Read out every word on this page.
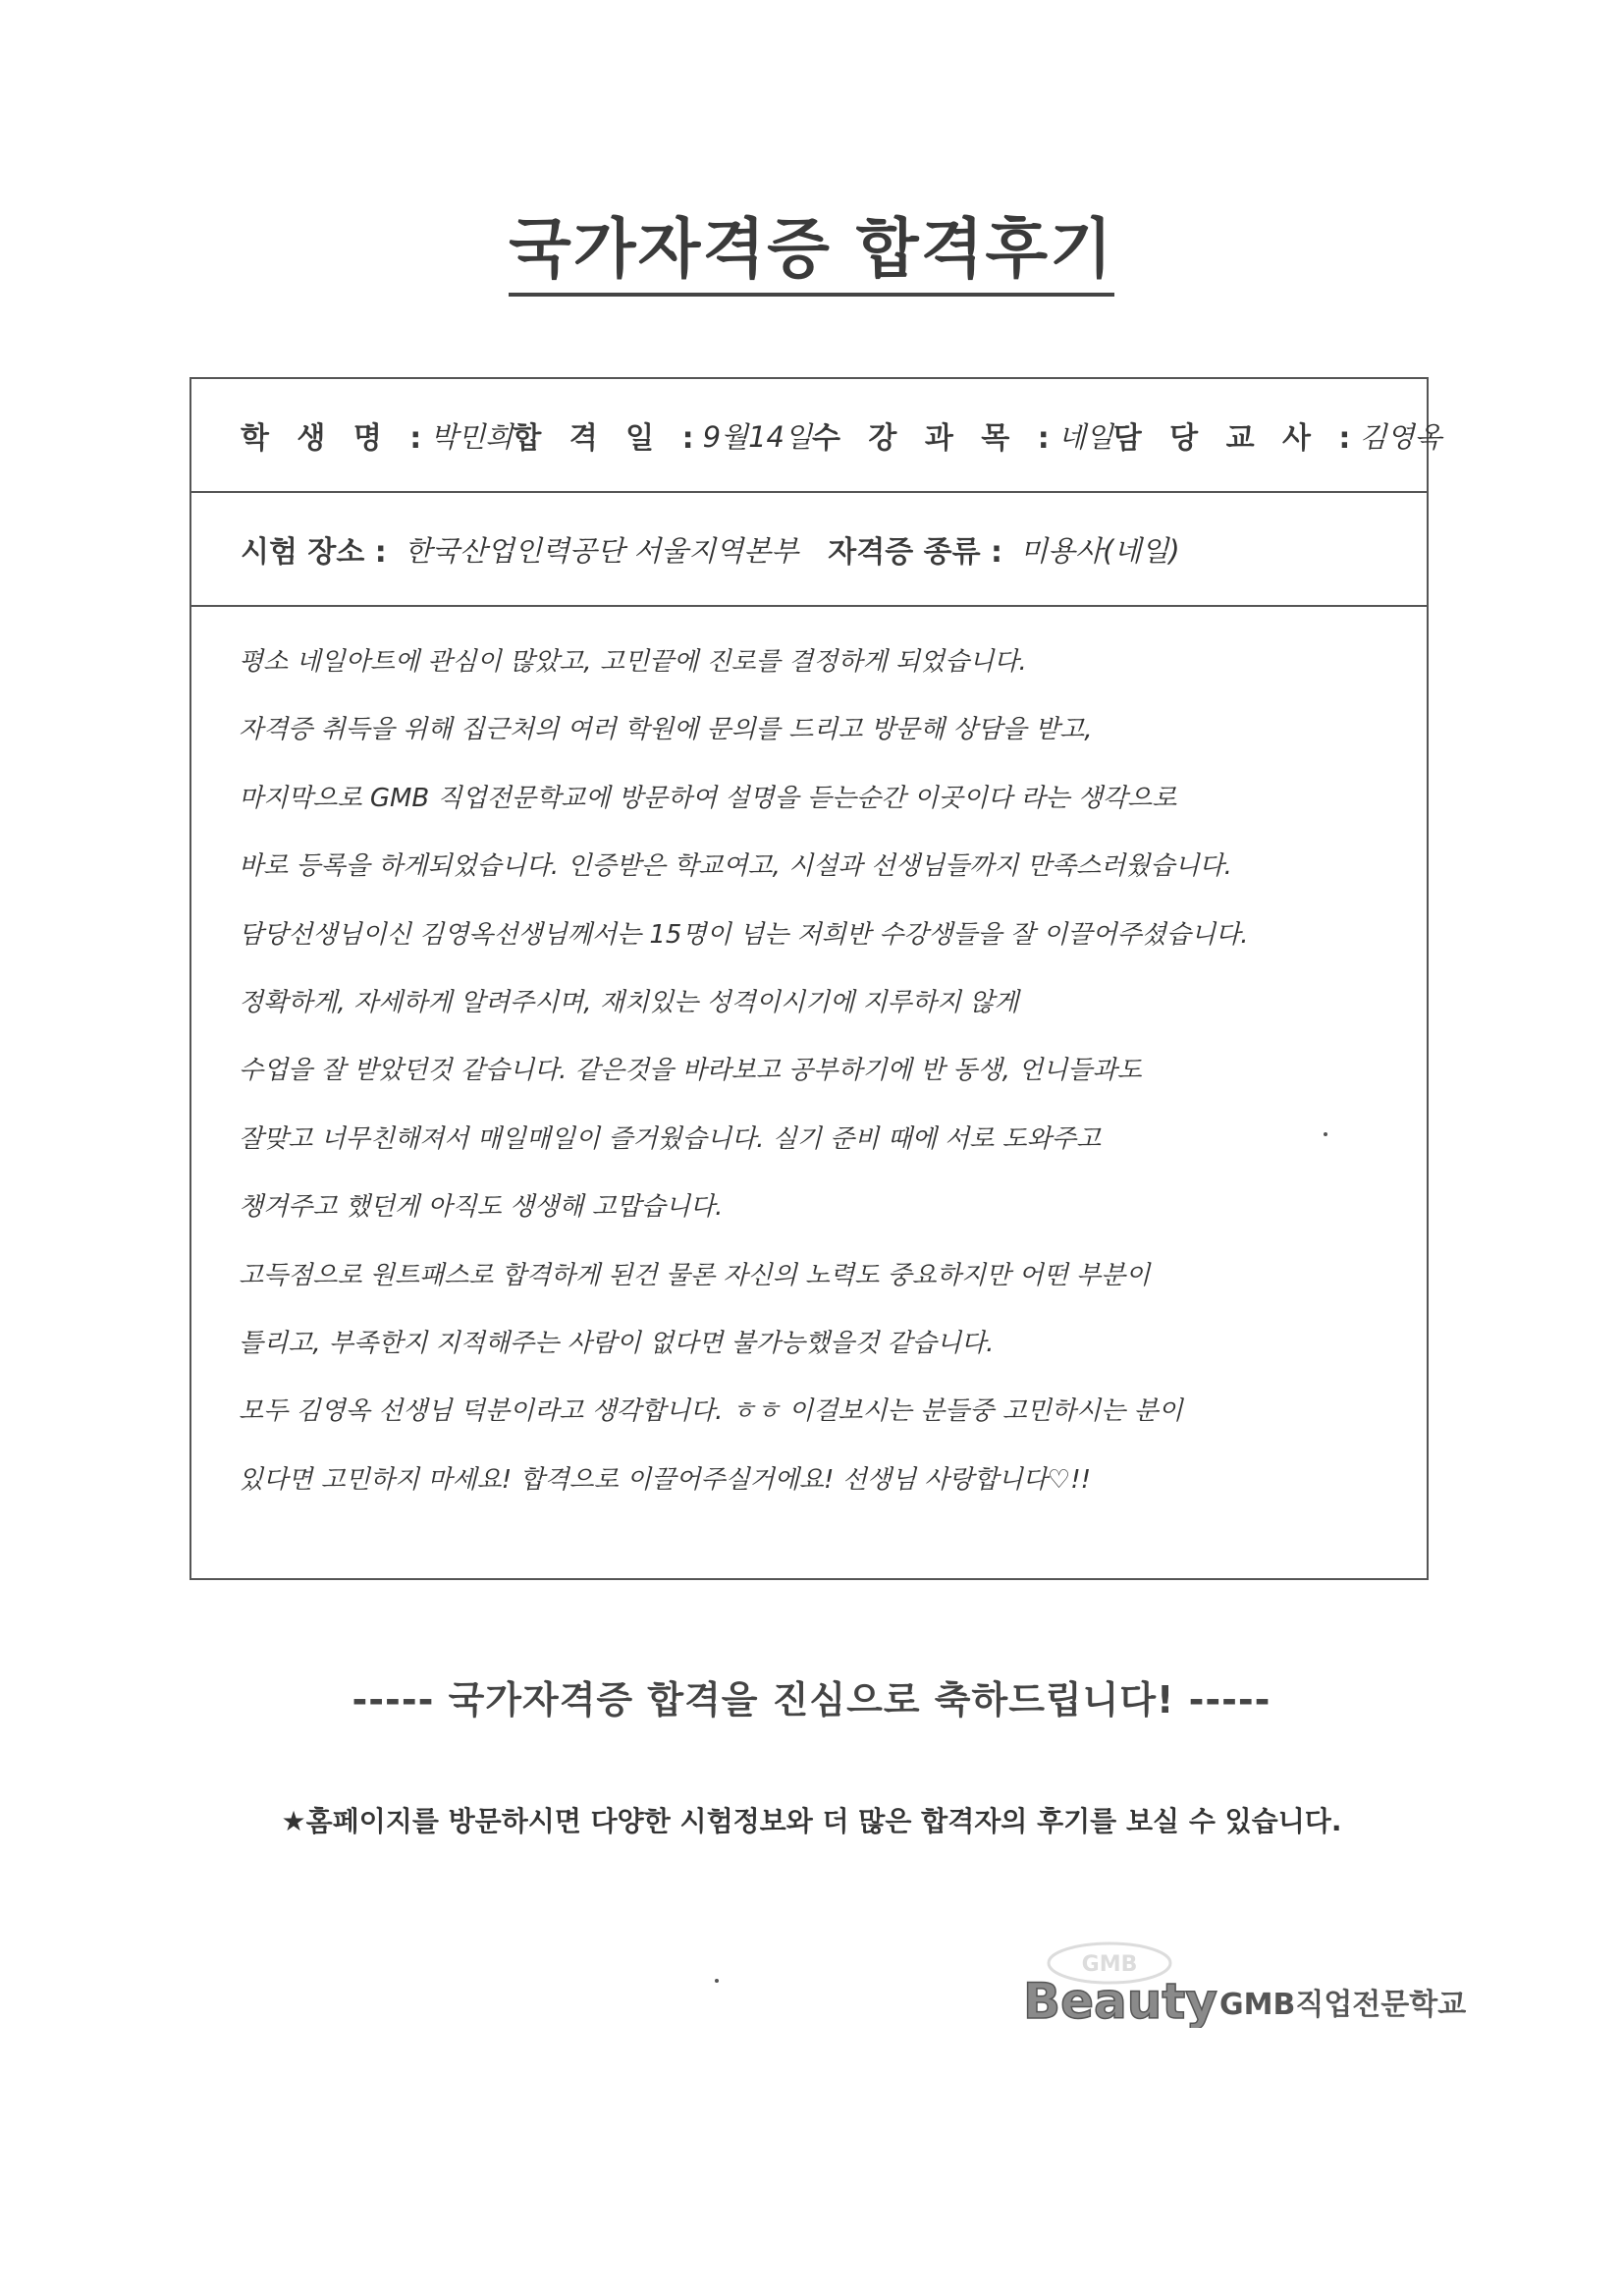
국가자격증 합격후기
학 생 명 : 박민희 합 격 일 : 9월14일 수 강 과 목 : 네일 담 당 교 사 : 김영옥
시험 장소 : 한국산업인력공단 서울지역본부 자격증 종류 : 미용사(네일)
평소 네일아트에 관심이 많았고, 고민끝에 진로를 결정하게 되었습니다.
자격증 취득을 위해 집근처의 여러 학원에 문의를 드리고 방문해 상담을 받고,
마지막으로 GMB 직업전문학교에 방문하여 설명을 듣는순간 이곳이다 라는 생각으로
바로 등록을 하게되었습니다. 인증받은 학교여고, 시설과 선생님들까지 만족스러웠습니다.
담당선생님이신 김영옥선생님께서는 15명이 넘는 저희반 수강생들을 잘 이끌어주셨습니다.
정확하게, 자세하게 알려주시며, 재치있는 성격이시기에 지루하지 않게
수업을 잘 받았던것 같습니다. 같은것을 바라보고 공부하기에 반 동생, 언니들과도
잘맞고 너무친해져서 매일매일이 즐거웠습니다. 실기 준비 때에 서로 도와주고
챙겨주고 했던게 아직도 생생해 고맙습니다.
고득점으로 원트패스로 합격하게 된건 물론 자신의 노력도 중요하지만 어떤 부분이
틀리고, 부족한지 지적해주는 사람이 없다면 불가능했을것 같습니다.
모두 김영옥 선생님 덕분이라고 생각합니다. ㅎㅎ 이걸보시는 분들중 고민하시는 분이
있다면 고민하지 마세요! 합격으로 이끌어주실거에요! 선생님 사랑합니다♡!!
----- 국가자격증 합격을 진심으로 축하드립니다! -----
★홈페이지를 방문하시면 다양한 시험정보와 더 많은 합격자의 후기를 보실 수 있습니다.
GMB
Beauty GMB직업전문학교
